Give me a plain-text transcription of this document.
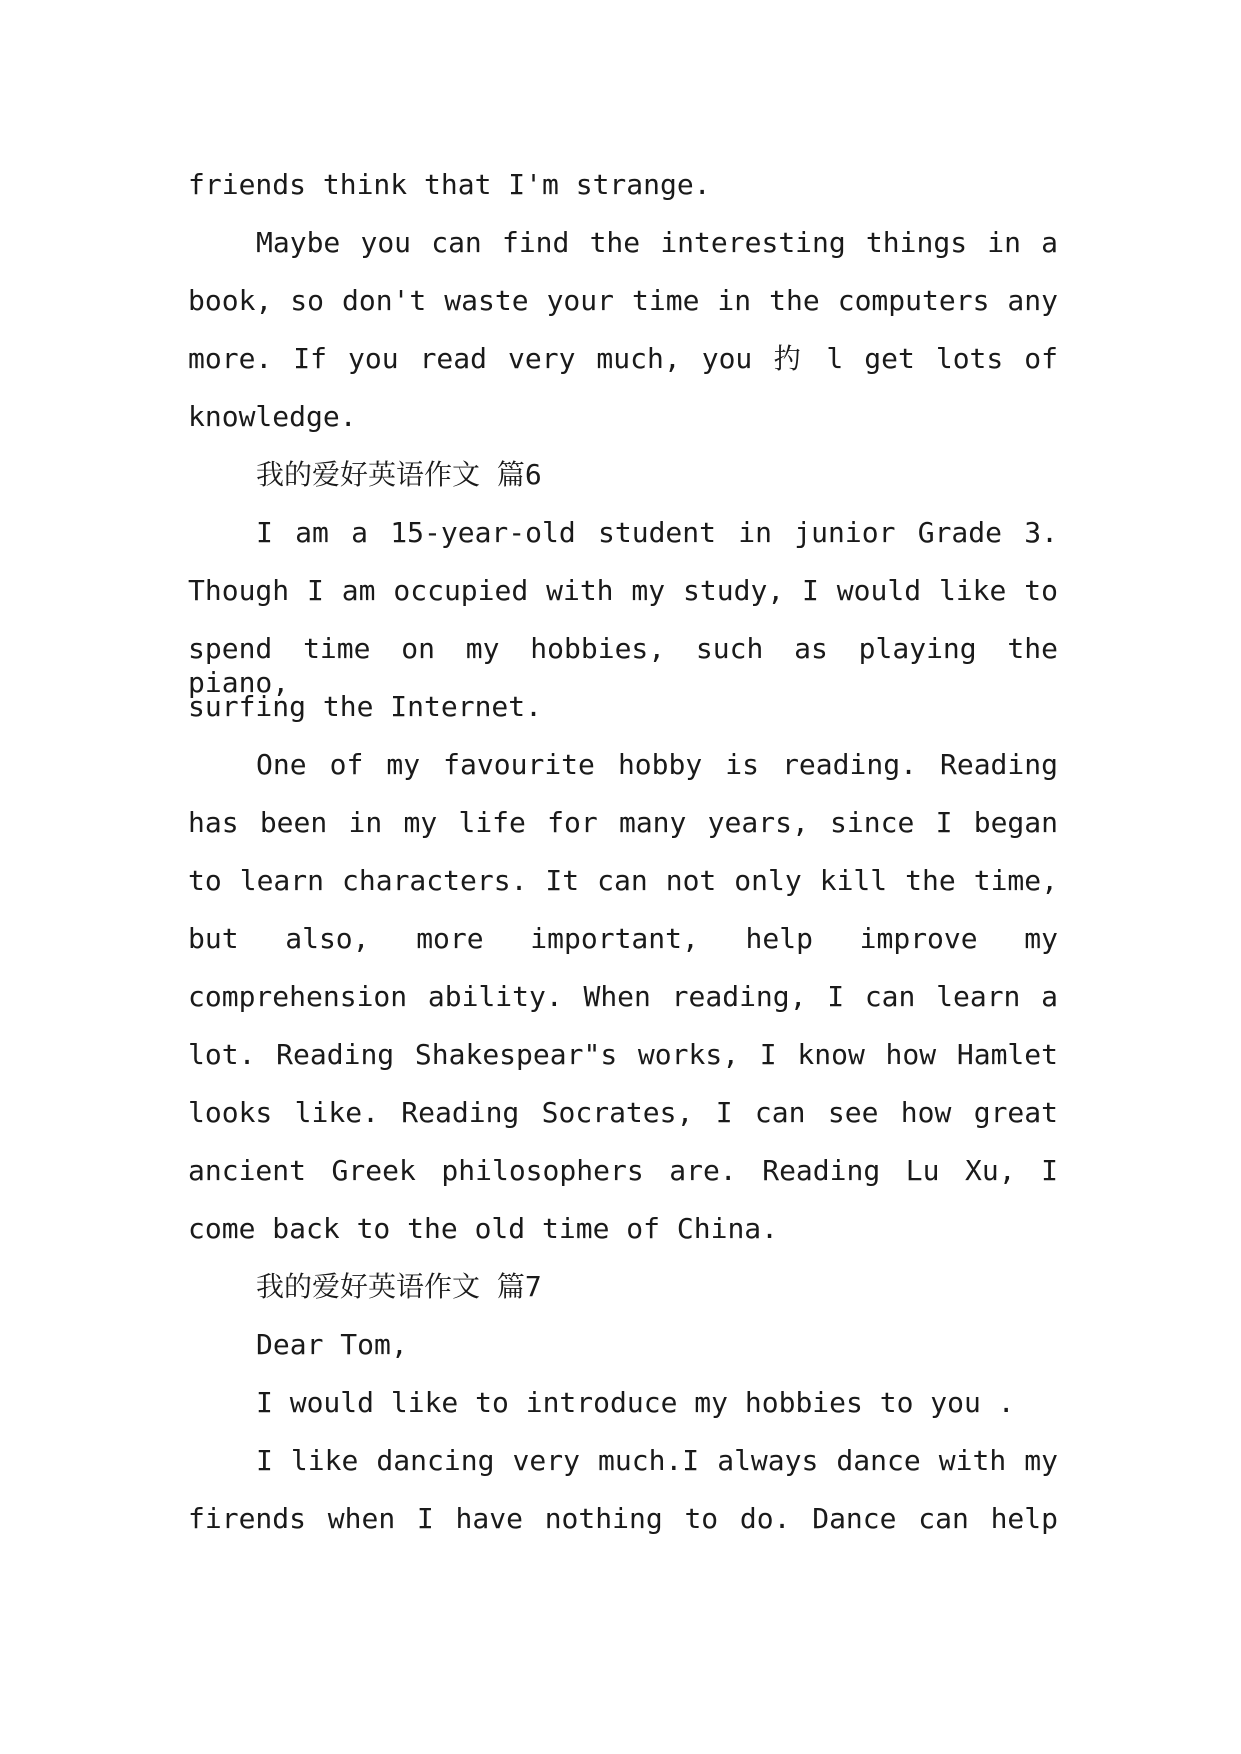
friends think that I'm strange.
Maybe you can find the interesting things in a
book, so don't waste your time in the computers any
more. If you read very much, you 扚 l get lots of
knowledge.
我的爱好英语作文 篇6
I am a 15-year-old student in junior Grade 3.
Though I am occupied with my study, I would like to
spend time on my hobbies, such as playing the piano,
surfing the Internet.
One of my favourite hobby is reading. Reading
has been in my life for many years, since I began
to learn characters. It can not only kill the time,
but also, more important, help improve my
comprehension ability. When reading, I can learn a
lot. Reading Shakespear"s works, I know how Hamlet
looks like. Reading Socrates, I can see how great
ancient Greek philosophers are. Reading Lu Xu, I
come back to the old time of China.
我的爱好英语作文 篇7
Dear Tom,
I would like to introduce my hobbies to you .
I like dancing very much.I always dance with my
firends when I have nothing to do. Dance can help
